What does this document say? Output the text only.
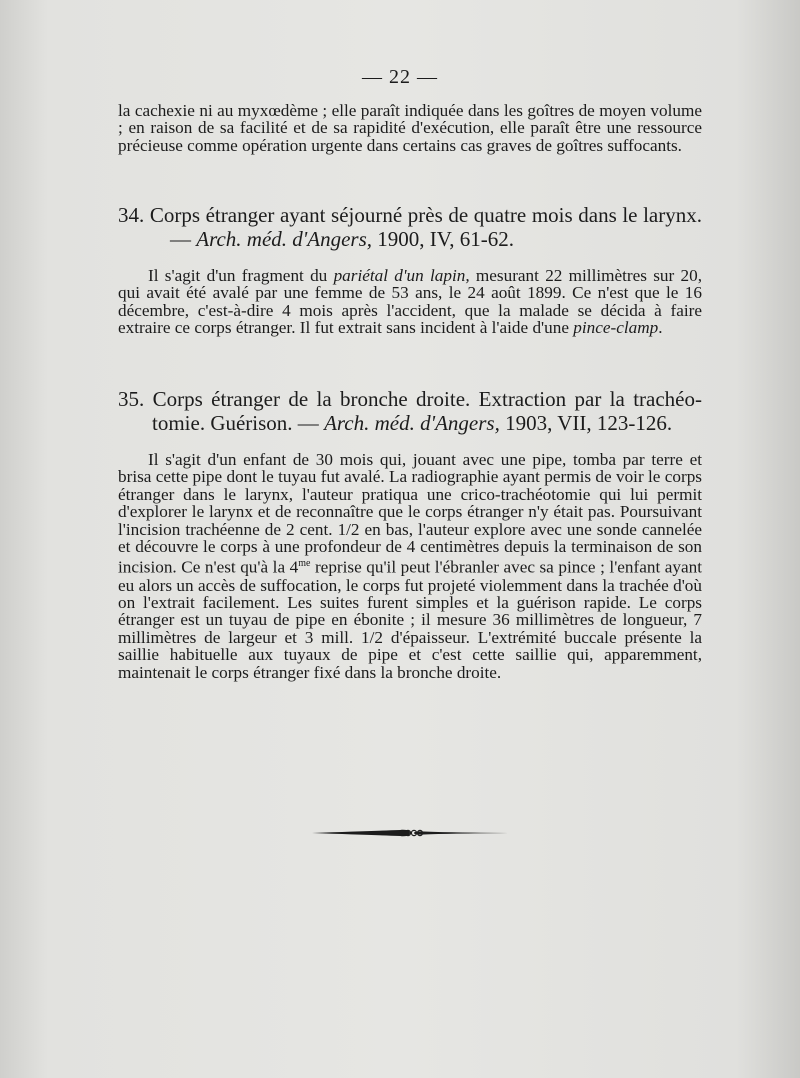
— 22 —
la cachexie ni au myxœdème ; elle paraît indiquée dans les goîtres de moyen volume ; en raison de sa facilité et de sa rapidité d'exécution, elle paraît être une ressource précieuse comme opération urgente dans certains cas graves de goîtres suffocants.
34. Corps étranger ayant séjourné près de quatre mois dans le larynx.
— Arch. méd. d'Angers, 1900, IV, 61-62.
Il s'agit d'un fragment du pariétal d'un lapin, mesurant 22 millimètres sur 20, qui avait été avalé par une femme de 53 ans, le 24 août 1899. Ce n'est que le 16 décembre, c'est-à-dire 4 mois après l'accident, que la malade se décida à faire extraire ce corps étranger. Il fut extrait sans incident à l'aide d'une pince-clamp.
35. Corps étranger de la bronche droite. Extraction par la trachéo-
tomie. Guérison. — Arch. méd. d'Angers, 1903, VII, 123-126.
Il s'agit d'un enfant de 30 mois qui, jouant avec une pipe, tomba par terre et brisa cette pipe dont le tuyau fut avalé. La radiographie ayant permis de voir le corps étranger dans le larynx, l'auteur pratiqua une crico-trachéotomie qui lui permit d'explorer le larynx et de reconnaître que le corps étranger n'y était pas. Poursuivant l'incision trachéenne de 2 cent. 1/2 en bas, l'auteur explore avec une sonde cannelée et découvre le corps à une profondeur de 4 centimètres depuis la terminaison de son incision. Ce n'est qu'à la $4^{me}$ reprise qu'il peut l'ébranler avec sa pince ; l'enfant ayant eu alors un accès de suffocation, le corps fut projeté violemment dans la trachée d'où on l'extrait facilement. Les suites furent simples et la guérison rapide. Le corps étranger est un tuyau de pipe en ébonite ; il mesure 36 millimètres de longueur, 7 millimètres de largeur et 3 mill. 1/2 d'épaisseur. L'extrémité buccale présente la saillie habituelle aux tuyaux de pipe et c'est cette saillie qui, apparemment, maintenait le corps étranger fixé dans la bronche droite.
